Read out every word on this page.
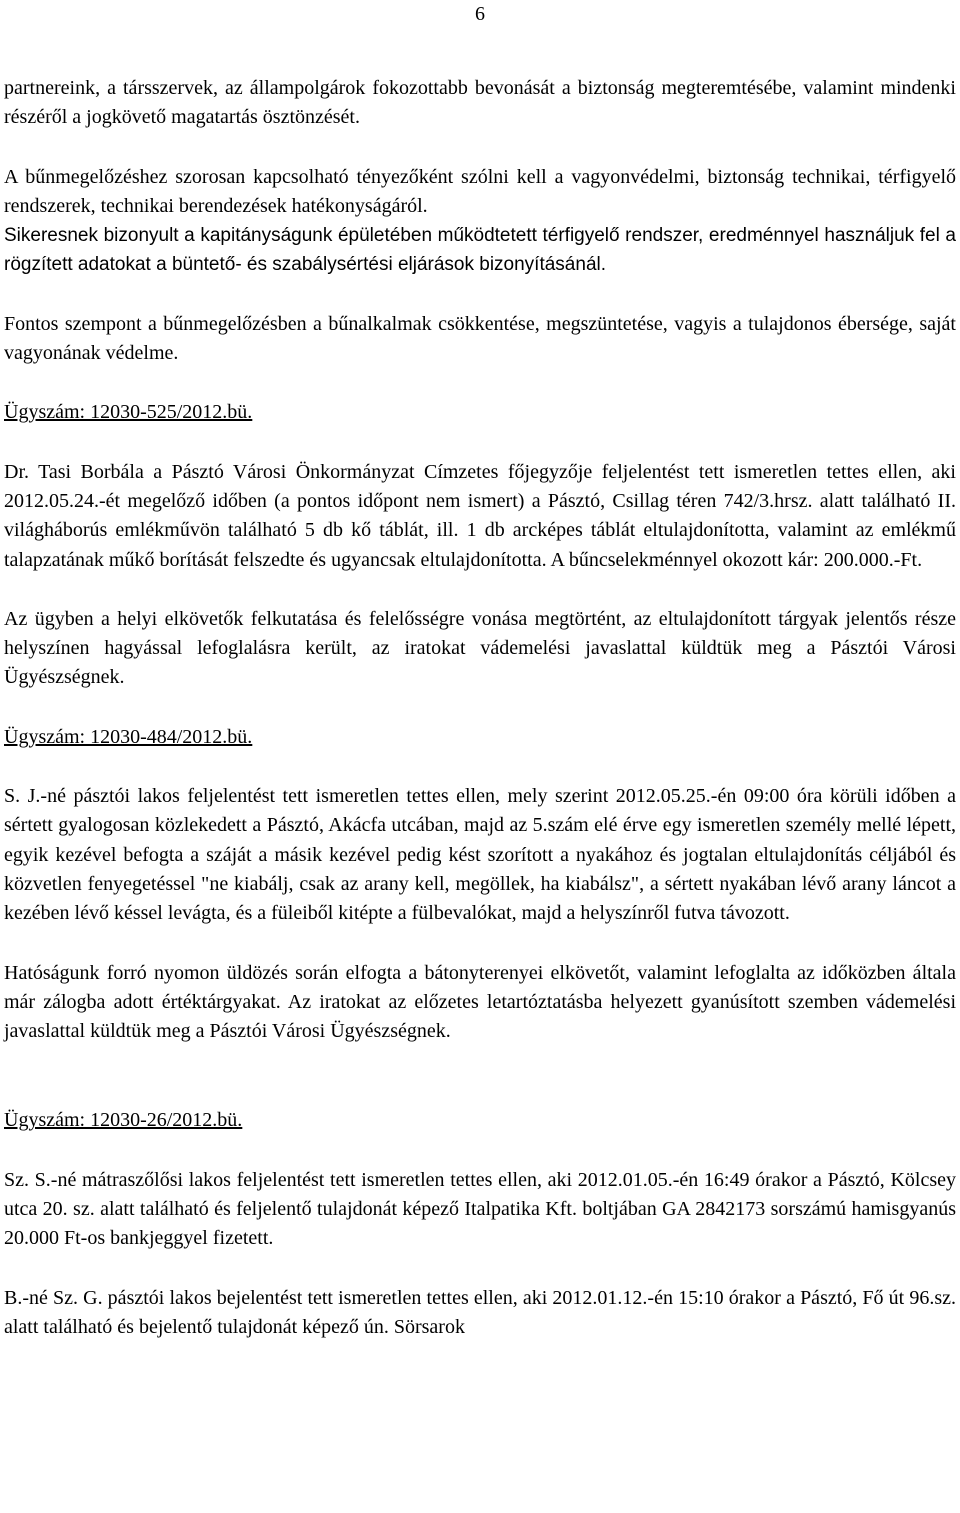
6

partnereink, a társszervek, az állampolgárok fokozottabb bevonását a biztonság megteremtésébe, valamint mindenki részéről a jogkövető magatartás ösztönzését.

A bűnmegelőzéshez szorosan kapcsolható tényezőként szólni kell a vagyonvédelmi, biztonság technikai, térfigyelő rendszerek, technikai berendezések hatékonyságáról.

Sikeresnek bizonyult a kapitányságunk épületében működtetett térfigyelő rendszer, eredménnyel használjuk fel a rögzített adatokat a büntető- és szabálysértési eljárások bizonyításánál.

Fontos szempont a bűnmegelőzésben a bűnalkalmak csökkentése, megszüntetése, vagyis a tulajdonos ébersége, saját vagyonának védelme.

Ügyszám: 12030-525/2012.bü.

Dr. Tasi Borbála a Pásztó Városi Önkormányzat Címzetes főjegyzője feljelentést tett ismeretlen tettes ellen, aki 2012.05.24.-ét megelőző időben (a pontos időpont nem ismert) a Pásztó, Csillag téren 742/3.hrsz. alatt található II. világháborús emlékművön található 5 db kő táblát, ill. 1 db arcképes táblát eltulajdonította, valamint az emlékmű talapzatának műkő borítását felszedte és ugyancsak eltulajdonította. A bűncselekménnyel okozott kár: 200.000.-Ft.

Az ügyben a helyi elkövetők felkutatása és felelősségre vonása megtörtént, az eltulajdonított tárgyak jelentős része helyszínen hagyással lefoglalásra került, az iratokat vádemelési javaslattal küldtük meg a Pásztói Városi Ügyészségnek.

Ügyszám: 12030-484/2012.bü.

S. J.-né pásztói lakos feljelentést tett ismeretlen tettes ellen, mely szerint 2012.05.25.-én 09:00 óra körüli időben a sértett gyalogosan közlekedett a Pásztó, Akácfa utcában, majd az 5.szám elé érve egy ismeretlen személy mellé lépett, egyik kezével befogta a száját a másik kezével pedig kést szorított a nyakához és jogtalan eltulajdonítás céljából és közvetlen fenyegetéssel "ne kiabálj, csak az arany kell, megöllek, ha kiabálsz", a sértett nyakában lévő arany láncot a kezében lévő késsel levágta, és a füleiből kitépte a fülbevalókat, majd a helyszínről futva távozott.

Hatóságunk forró nyomon üldözés során elfogta a bátonyterenyei elkövetőt, valamint lefoglalta az időközben általa már zálogba adott értéktárgyakat. Az iratokat az előzetes letartóztatásba helyezett gyanúsított szemben vádemelési javaslattal küldtük meg a Pásztói Városi Ügyészségnek.

Ügyszám: 12030-26/2012.bü.

Sz. S.-né mátraszőlősi lakos feljelentést tett ismeretlen tettes ellen, aki 2012.01.05.-én 16:49 órakor a Pásztó, Kölcsey utca 20. sz. alatt található és feljelentő tulajdonát képező Italpatika Kft. boltjában GA 2842173 sorszámú hamisgyanús 20.000 Ft-os bankjeggyel fizetett.

B.-né Sz. G. pásztói lakos bejelentést tett ismeretlen tettes ellen, aki 2012.01.12.-én 15:10 órakor a Pásztó, Fő út 96.sz. alatt található és bejelentő tulajdonát képező ún. Sörsarok
